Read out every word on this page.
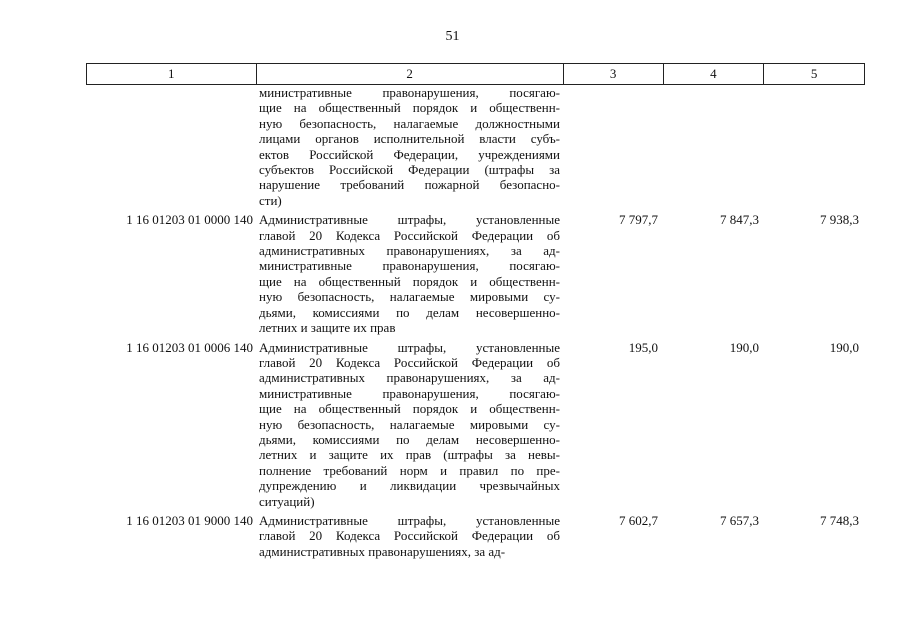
51
1	2	3	4	5
министративные правонарушения, посягаю-
щие на общественный порядок и общественн-
ную безопасность, налагаемые должностными
лицами органов исполнительной власти субъ-
ектов Российской Федерации, учреждениями
субъектов Российской Федерации (штрафы за
нарушение требований пожарной безопасно-
сти)
1 16 01203 01 0000 140 Административные штрафы, установленные
главой 20 Кодекса Российской Федерации об
административных правонарушениях, за ад-
министративные правонарушения, посягаю-
щие на общественный порядок и общественн-
ную безопасность, налагаемые мировыми су-
дьями, комиссиями по делам несовершенно-
летних и защите их прав
7 797,7	7 847,3	7 938,3
1 16 01203 01 0006 140 Административные штрафы, установленные
главой 20 Кодекса Российской Федерации об
административных правонарушениях, за ад-
министративные правонарушения, посягаю-
щие на общественный порядок и общественн-
ную безопасность, налагаемые мировыми су-
дьями, комиссиями по делам несовершенно-
летних и защите их прав (штрафы за невы-
полнение требований норм и правил по пре-
дупреждению и ликвидации чрезвычайных
ситуаций)
195,0	190,0	190,0
1 16 01203 01 9000 140 Административные штрафы, установленные
главой 20 Кодекса Российской Федерации об
административных правонарушениях, за ад-
7 602,7	7 657,3	7 748,3
